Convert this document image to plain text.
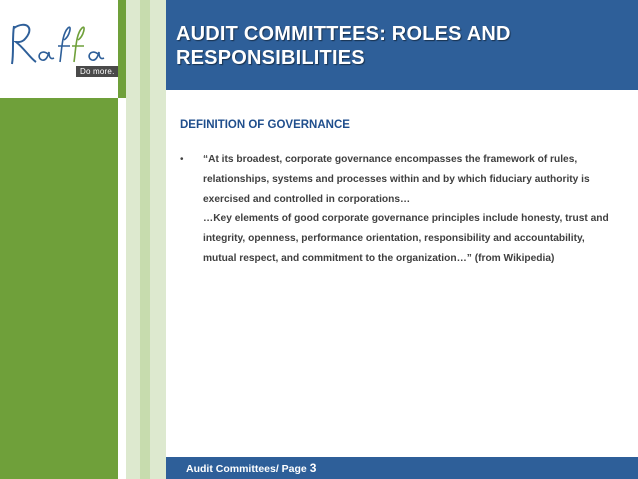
Do more.
AUDIT COMMITTEES: ROLES AND
RESPONSIBILITIES
DEFINITION OF GOVERNANCE
• “At its broadest, corporate governance encompasses the framework of rules, relationships, systems and processes within and by which fiduciary authority is exercised and controlled in corporations…

…Key elements of good corporate governance principles include honesty, trust and integrity, openness, performance orientation, responsibility and accountability, mutual respect, and commitment to the organization…” (from Wikipedia)

Audit Committees/ Page 3
